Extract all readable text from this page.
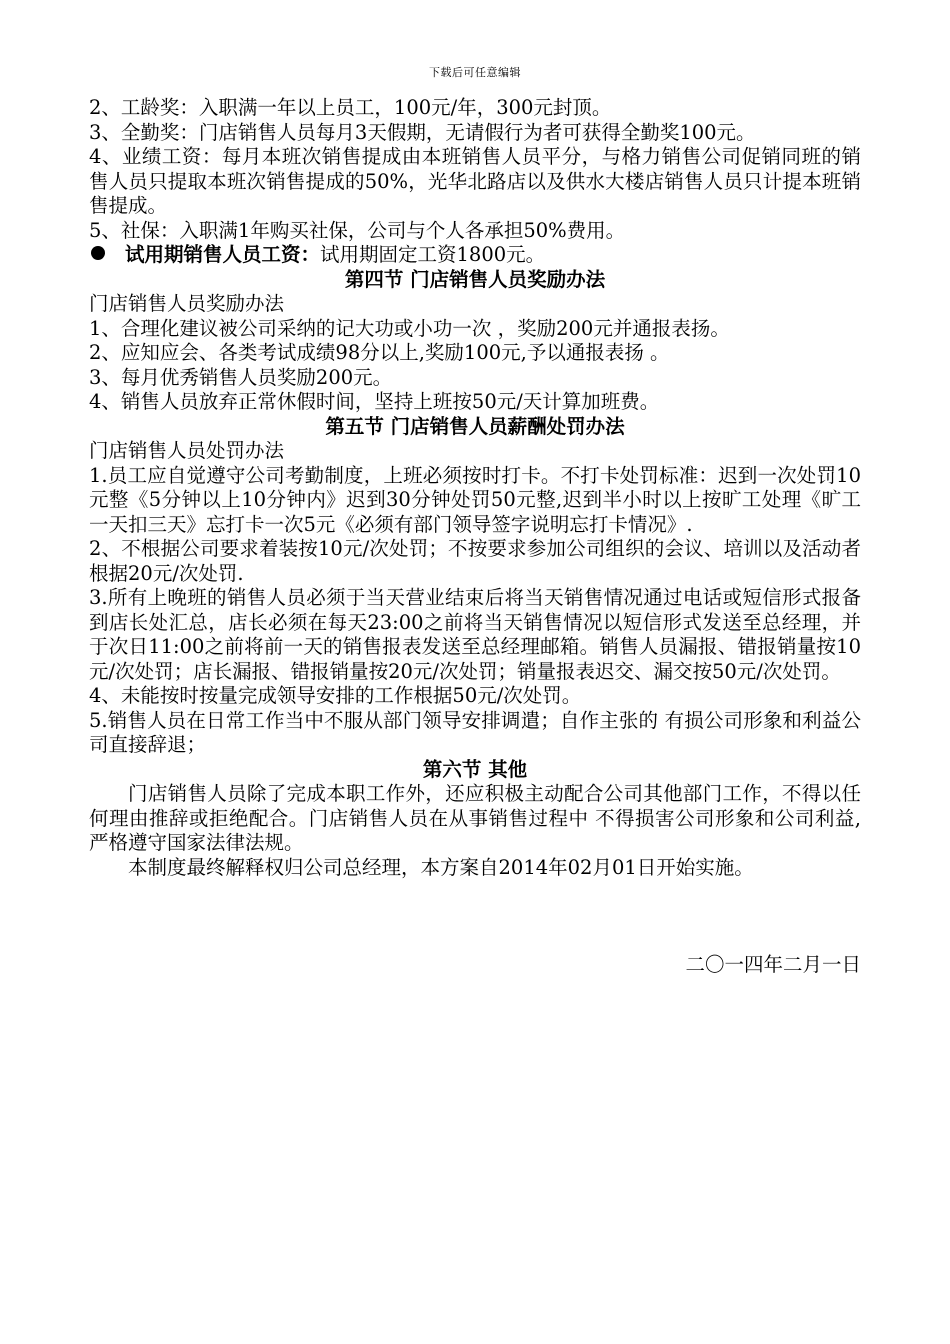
下载后可任意编辑

2、工龄奖：入职满一年以上员工，100元/年，300元封顶。

3、全勤奖：门店销售人员每月3天假期，无请假行为者可获得全勤奖100元。

4、业绩工资：每月本班次销售提成由本班销售人员平分，与格力销售公司促销同班的销售人员只提取本班次销售提成的50%，光华北路店以及供水大楼店销售人员只计提本班销售提成。

5、社保：入职满1年购买社保，公司与个人各承担50%费用。

试用期销售人员工资：试用期固定工资1800元。

第四节 门店销售人员奖励办法

门店销售人员奖励办法

1、合理化建议被公司采纳的记大功或小功一次 ，奖励200元并通报表扬。

2、应知应会、各类考试成绩98分以上,奖励100元,予以通报表扬 。

3、每月优秀销售人员奖励200元。

4、销售人员放弃正常休假时间，坚持上班按50元/天计算加班费。

第五节 门店销售人员薪酬处罚办法

门店销售人员处罚办法

1.员工应自觉遵守公司考勤制度，上班必须按时打卡。不打卡处罚标准：迟到一次处罚10元整《5分钟以上10分钟内》迟到30分钟处罚50元整,迟到半小时以上按旷工处理《旷工一天扣三天》忘打卡一次5元《必须有部门领导签字说明忘打卡情况》.

2、不根据公司要求着装按10元/次处罚；不按要求参加公司组织的会议、培训以及活动者根据20元/次处罚.

3.所有上晚班的销售人员必须于当天营业结束后将当天销售情况通过电话或短信形式报备到店长处汇总，店长必须在每天23:00之前将当天销售情况以短信形式发送至总经理，并于次日11:00之前将前一天的销售报表发送至总经理邮箱。销售人员漏报、错报销量按10元/次处罚；店长漏报、错报销量按20元/次处罚；销量报表迟交、漏交按50元/次处罚。

4、未能按时按量完成领导安排的工作根据50元/次处罚。

5.销售人员在日常工作当中不服从部门领导安排调遣；自作主张的 有损公司形象和利益公司直接辞退；

第六节 其他

门店销售人员除了完成本职工作外，还应积极主动配合公司其他部门工作，不得以任何理由推辞或拒绝配合。门店销售人员在从事销售过程中 不得损害公司形象和公司利益,严格遵守国家法律法规。

本制度最终解释权归公司总经理，本方案自2014年02月01日开始实施。

二〇一四年二月一日
